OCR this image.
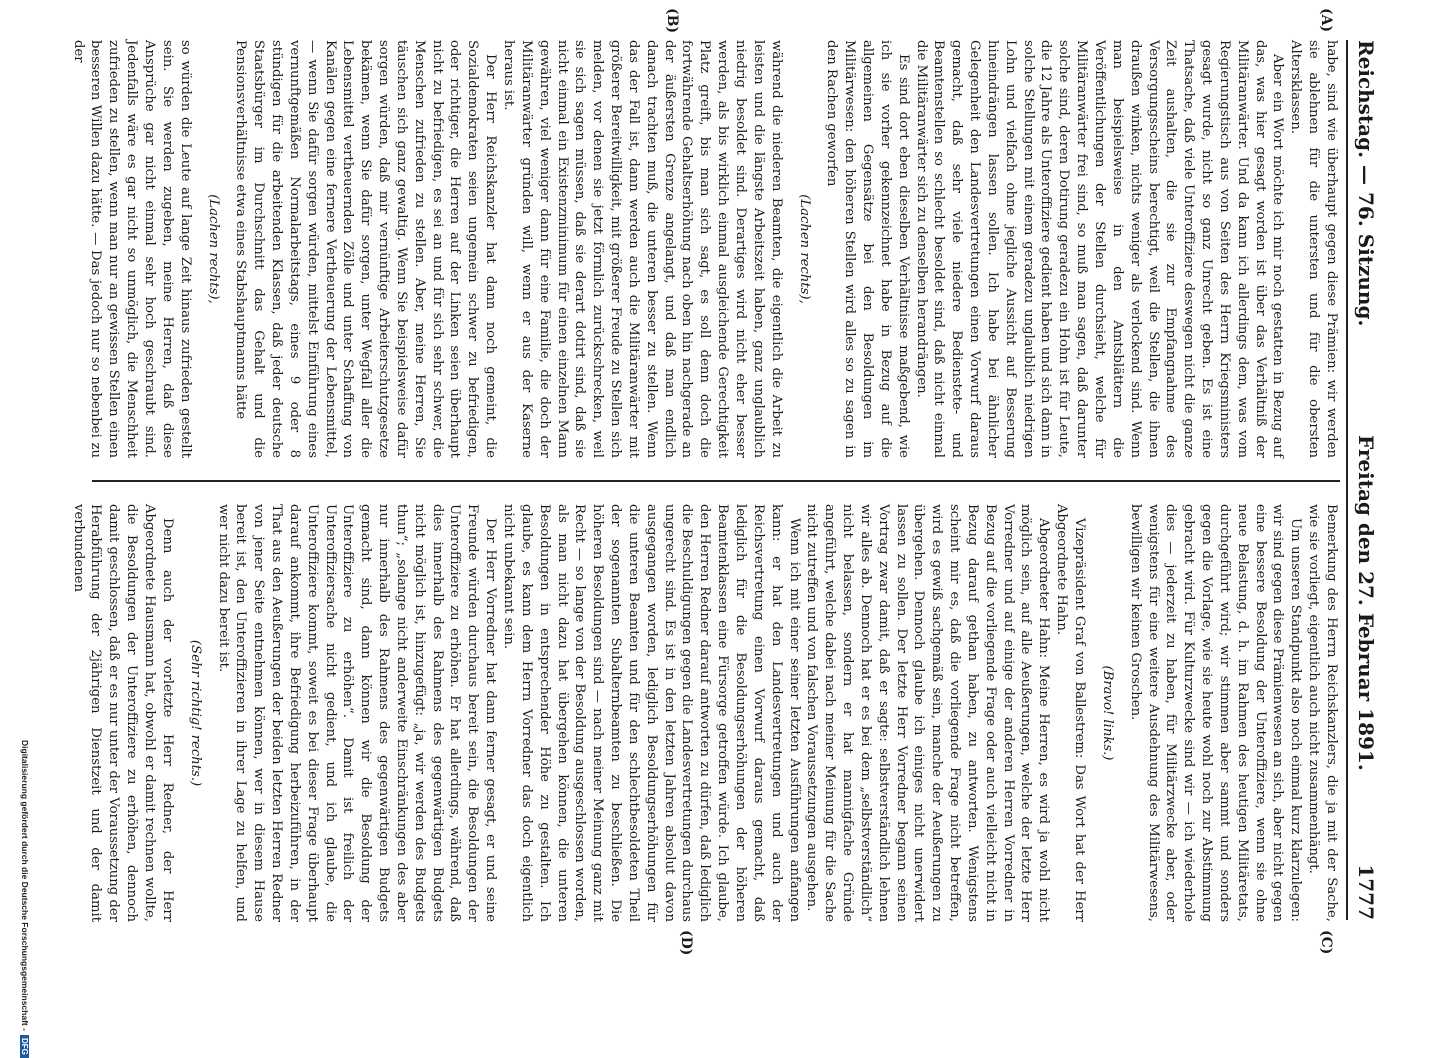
Reichstag. — 76. Sitzung.
Freitag den 27. Februar 1891.
1777
(A)
(B)
(C)
(D)

habe, sind wie überhaupt gegen diese Prämien: wir werden sie ablehnen für die untersten und für die obersten Altersklassen.

Aber ein Wort möchte ich mir noch gestatten in Bezug auf das, was hier gesagt worden ist über das Verhältniß der Militäranwärter. Und da kann ich allerdings dem, was vom Regierungstisch aus von Seiten des Herrn Kriegsministers gesagt wurde, nicht so ganz Unrecht geben. Es ist eine Thatsache, daß viele Unteroffiziere deswegen nicht die ganze Zeit aushalten, die sie zur Empfangnahme des Versorgungsscheins berechtigt, weil die Stellen, die ihnen draußen winken, nichts weniger als verlockend sind. Wenn man beispielsweise in den Amtsblättern die Veröffentlichungen der Stellen durchsieht, welche für Militäranwärter frei sind, so muß man sagen, daß darunter solche sind, deren Dotirung geradezu ein Hohn ist für Leute, die 12 Jahre als Unteroffiziere gedient haben und sich dann in solche Stellungen mit einem geradezu unglaublich niedrigen Lohn und vielfach ohne jegliche Aussicht auf Besserung hineindrängen lassen sollen. Ich habe bei ähnlicher Gelegenheit den Landesvertretungen einen Vorwurf daraus gemacht, daß sehr viele niedere Bedienstete- und Beamtenstellen so schlecht besoldet sind, daß nicht einmal die Militäranwärter sich zu denselben herandrängen.

Es sind dort eben dieselben Verhältnisse maßgebend, wie ich sie vorher gekennzeichnet habe in Bezug auf die allgemeinen Gegensätze bei den Besoldungen im Militärwesen: den höheren Stellen wird alles so zu sagen in den Rachen geworfen

(Lachen rechts),

während die niederen Beamten, die eigentlich die Arbeit zu leisten und die längste Arbeitszeit haben, ganz unglaublich niedrig besoldet sind. Derartiges wird nicht eher besser werden, als bis wirklich einmal ausgleichende Gerechtigkeit Platz greift, bis man sich sagt, es soll denn doch die fortwährende Gehaltserhöhung nach oben hin nachgerade an der äußersten Grenze angelangt, und daß man endlich danach trachten muß, die unteren besser zu stellen. Wenn das der Fall ist, dann werden auch die Militäranwärter mit größerer Bereitwilligkeit, mit größerer Freude zu Stellen sich melden, vor denen sie jetzt förmlich zurückschrecken, weil sie sich sagen müssen, daß sie derart dotirt sind, daß sie nicht einmal ein Existenzminimum für einen einzelnen Mann gewähren, viel weniger dann für eine Familie, die doch der Militäranwärter gründen will, wenn er aus der Kaserne heraus ist.

Der Herr Reichskanzler hat dann noch gemeint, die Sozialdemokraten seien ungemein schwer zu befriedigen, oder richtiger, die Herren auf der Linken seien überhaupt nicht zu befriedigen, es sei an und für sich sehr schwer, die Menschen zufrieden zu stellen. Aber, meine Herren, Sie täuschen sich ganz gewaltig. Wenn Sie beispielsweise dafür sorgen würden, daß mir vernünftige Arbeiterschutzgesetze bekämen, wenn Sie dafür sorgen, unter Wegfall aller die Lebensmittel vertheuernden Zölle und unter Schaffung von Kanälen gegen eine fernere Vertheuerung der Lebensmittel, — wenn Sie dafür sorgen würden, mittelst Einführung eines vernunftgemäßen Normalarbeitstags, eines 9 oder 8 stündigen für die arbeitenden Klassen, daß jeder deutsche Staatsbürger im Durchschnitt das Gehalt und die Pensionsverhältnisse etwa eines Stabshauptmanns hätte

(Lachen rechts),

so würden die Leute auf lange Zeit hinaus zufrieden gestellt sein. Sie werden zugeben, meine Herren, daß diese Ansprüche gar nicht einmal sehr hoch geschraubt sind. Jedenfalls wäre es gar nicht so unmöglich, die Menschheit zufrieden zu stellen, wenn man nur an gewissen Stellen einen besseren Willen dazu hätte. — Das jedoch nur so nebenbei zu der

Bemerkung des Herrn Reichskanzlers, die ja mit der Sache, wie sie vorliegt, eigentlich auch nicht zusammenhängt.

Um unseren Standpunkt also noch einmal kurz klarzulegen: wir sind gegen diese Prämienwesen an sich, aber nicht gegen eine bessere Besoldung der Unteroffiziere, wenn sie ohne neue Belastung, d. h. im Rahmen des heutigen Militäretats, durchgeführt wird; wir stimmen aber sammt und sonders gegen die Vorlage, wie sie heute wohl noch zur Abstimmung gebracht wird. Für Kulturzwecke sind wir — ich wiederhole dies — jederzeit zu haben, für Militärzwecke aber, oder wenigstens für eine weitere Ausdehnung des Militärwesens, bewilligen wir keinen Groschen.

(Bravo! links.)

Vizepräsident Graf von Ballestrem: Das Wort hat der Herr Abgeordnete Hahn.

Abgeordneter Hahn: Meine Herren, es wird ja wohl nicht möglich sein, auf alle Aeußerungen, welche der letzte Herr Vorredner und auf einige der anderen Herren Vorredner in Bezug auf die vorliegende Frage oder auch vielleicht nicht in Bezug darauf gethan haben, zu antworten. Wenigstens scheint mir es, daß die vorliegende Frage nicht betreffen, wird es gewiß sachgemäß sein, manche der Aeußerungen zu übergehen. Dennoch glaube ich einiges nicht unerwidert lassen zu sollen. Der letzte Herr Vorredner begann seinen Vortrag zwar damit, daß er sagte: selbstverständlich lehnen wir alles ab. Dennoch hat er es bei dem „selbstverständlich“ nicht belassen, sondern er hat mannigfache Gründe angeführt, welche dabei nach meiner Meinung für die Sache nicht zutreffen und von falschen Voraussetzungen ausgehen.

Wenn ich mit einer seiner letzten Ausführungen anfangen kann: er hat den Landesvertretungen und auch der Reichsvertretung einen Vorwurf daraus gemacht, daß lediglich für die Besoldungserhöhungen der höheren Beamtenklassen eine Fürsorge getroffen würde. Ich glaube, den Herren Redner darauf antworten zu dürfen, daß lediglich die Beschuldigungen gegen die Landesvertretungen durchaus ungerecht sind. Es ist in den letzten Jahren absolut davon ausgegangen worden, lediglich Besoldungserhöhungen für die unteren Beamten und für den schlechtbesoldeten Theil der sogenannten Subalternbeamten zu beschließen. Die höheren Besoldungen sind — nach meiner Meinung ganz mit Recht — so lange von der Besoldung ausgeschlossen worden, als man nicht dazu hat übergehen können, die unteren Besoldungen in entsprechender Höhe zu gestalten. Ich glaube, es kann dem Herrn Vorredner das doch eigentlich nicht unbekannt sein.

Der Herr Vorredner hat dann ferner gesagt, er und seine Freunde würden durchaus bereit sein, die Besoldungen der Unteroffiziere zu erhöhen. Er hat allerdings, während, daß dies innerhalb des Rahmens des gegenwärtigen Budgets nicht möglich ist, hinzugefügt: „ja, wir werden des Budgets thun“; „solange nicht anderweite Einschränkungen des aber nur innerhalb des Rahmens des gegenwärtigen Budgets gemacht sind, dann können wir die Besoldung der Unteroffiziere zu erhöhen“. Damit ist freilich der Unteroffiziersache nicht gedient, und ich glaube, die Unteroffiziere kommt, soweit es bei dieser Frage überhaupt darauf ankommt, ihre Befriedigung herbeizuführen, in der That aus den Aeußerungen der beiden letzten Herren Redner von jener Seite entnehmen können, wer in diesem Hause bereit ist, den Unteroffizieren in ihrer Lage zu helfen, und wer nicht dazu bereit ist.

(Sehr richtig! rechts.)

Denn auch der vorletzte Herr Redner, der Herr Abgeordnete Hausmann hat, obwohl er damit rechnen wollte, die Besoldungen der Unteroffiziere zu erhöhen, dennoch damit geschlossen, daß er es nur unter der Voraussetzung der Herabführung der 2jährigen Dienstzeit und der damit verbundenen

Digitalisierung gefördert durch die Deutsche Forschungsgemeinschaft -DFG
